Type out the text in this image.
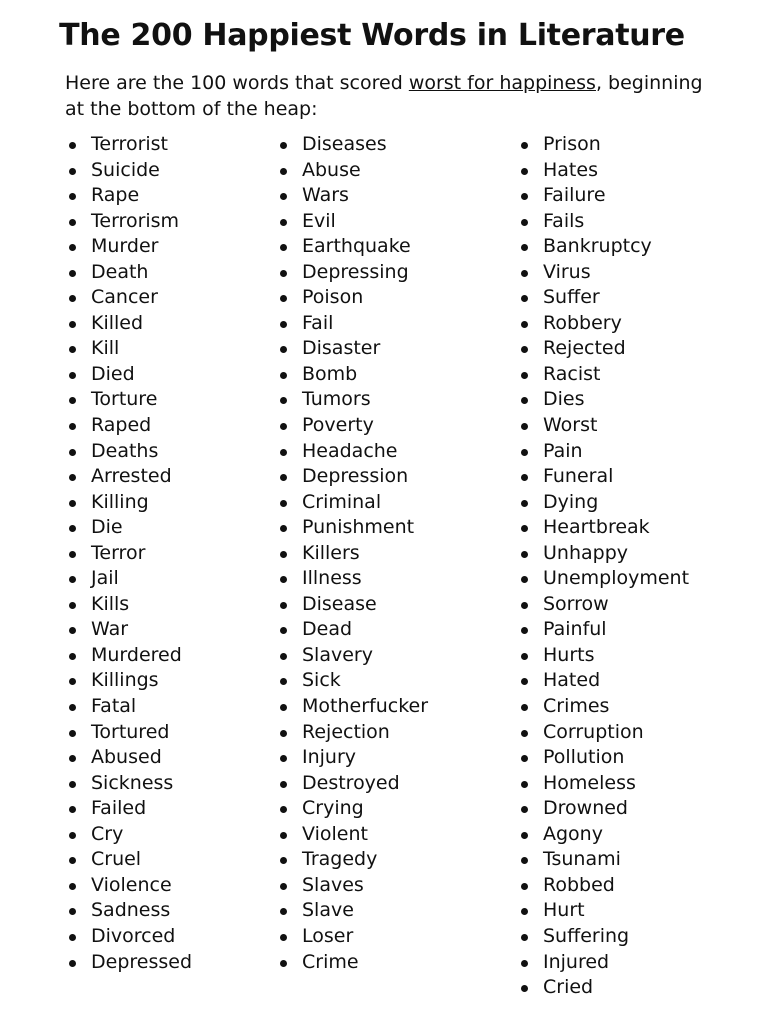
The 200 Happiest Words in Literature

Here are the 100 words that scored worst for happiness, beginning at the bottom of the heap:

Terrorist
Suicide
Rape
Terrorism
Murder
Death
Cancer
Killed
Kill
Died
Torture
Raped
Deaths
Arrested
Killing
Die
Terror
Jail
Kills
War
Murdered
Killings
Fatal
Tortured
Abused
Sickness
Failed
Cry
Cruel
Violence
Sadness
Divorced
Depressed
Diseases
Abuse
Wars
Evil
Earthquake
Depressing
Poison
Fail
Disaster
Bomb
Tumors
Poverty
Headache
Depression
Criminal
Punishment
Killers
Illness
Disease
Dead
Slavery
Sick
Motherfucker
Rejection
Injury
Destroyed
Crying
Violent
Tragedy
Slaves
Slave
Loser
Crime
Prison
Hates
Failure
Fails
Bankruptcy
Virus
Suffer
Robbery
Rejected
Racist
Dies
Worst
Pain
Funeral
Dying
Heartbreak
Unhappy
Unemployment
Sorrow
Painful
Hurts
Hated
Crimes
Corruption
Pollution
Homeless
Drowned
Agony
Tsunami
Robbed
Hurt
Suffering
Injured
Cried
